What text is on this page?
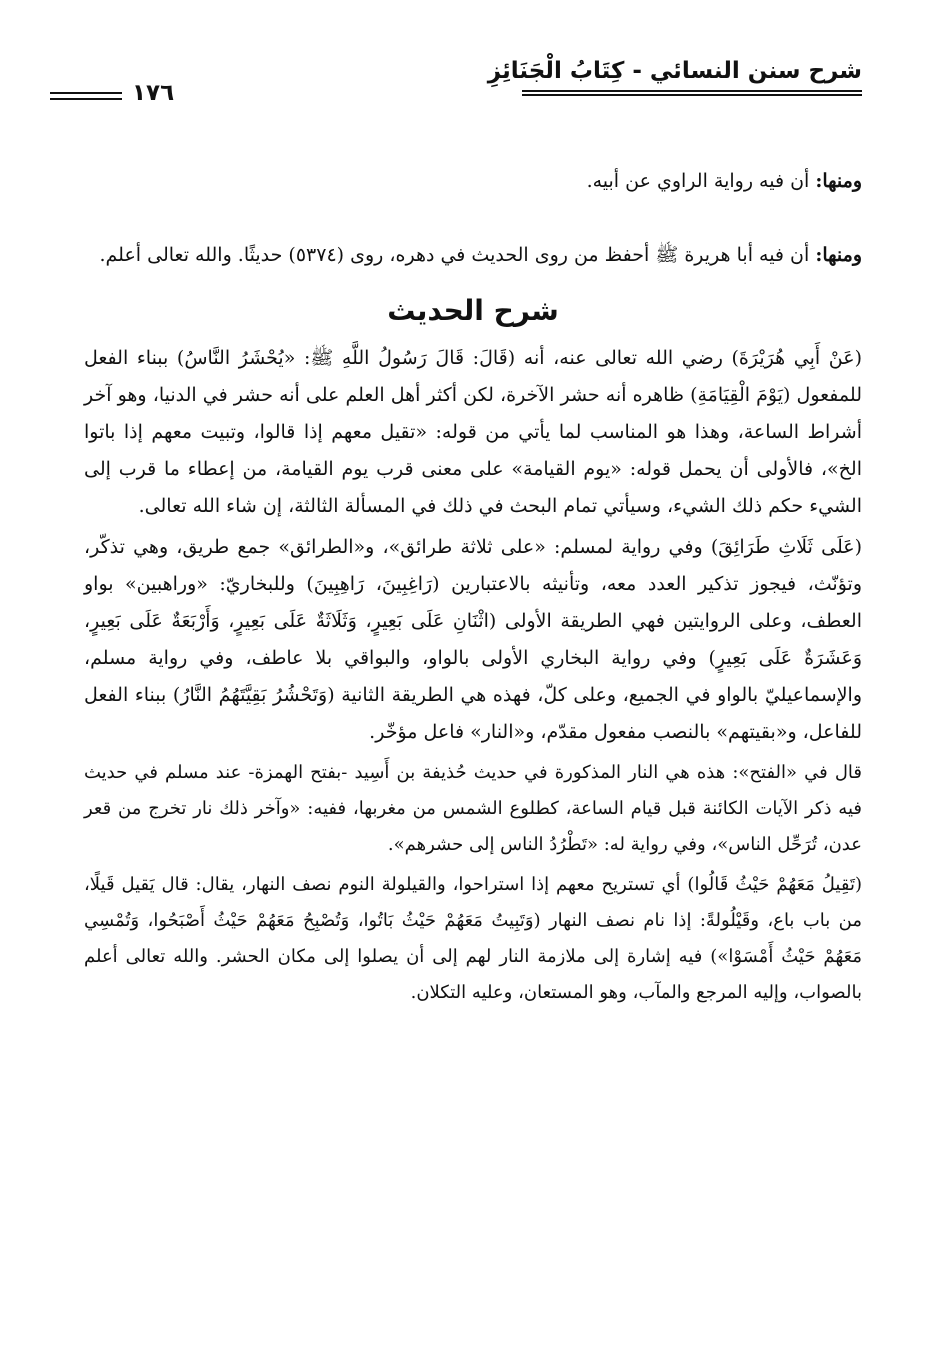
شرح سنن النسائي - كِتَابُ الْجَنَائِزِ
١٧٦

ومنها: أن فيه رواية الراوي عن أبيه.

ومنها: أن فيه أبا هريرة ﷺ أحفظ من روى الحديث في دهره، روى (٥٣٧٤) حديثًا. والله تعالى أعلم.

شرح الحديث

(عَنْ أَبِي هُرَيْرَةَ) رضي الله تعالى عنه، أنه (قَالَ: قَالَ رَسُولُ اللَّهِ ﷺ: «يُحْشَرُ النَّاسُ) ببناء الفعل للمفعول (يَوْمَ الْقِيَامَةِ) ظاهره أنه حشر الآخرة، لكن أكثر أهل العلم على أنه حشر في الدنيا، وهو آخر أشراط الساعة، وهذا هو المناسب لما يأتي من قوله: «تقيل معهم إذا قالوا، وتبيت معهم إذا باتوا الخ»، فالأولى أن يحمل قوله: «يوم القيامة» على معنى قرب يوم القيامة، من إعطاء ما قرب إلى الشيء حكم ذلك الشيء، وسيأتي تمام البحث في ذلك في المسألة الثالثة، إن شاء الله تعالى.

(عَلَى ثَلَاثِ طَرَائِقَ) وفي رواية لمسلم: «على ثلاثة طرائق»، و«الطرائق» جمع طريق، وهي تذكّر، وتؤنّث، فيجوز تذكير العدد معه، وتأنيثه بالاعتبارين (رَاغِبِينَ، رَاهِبِينَ) وللبخاريّ: «وراهبين» بواو العطف، وعلى الروايتين فهي الطريقة الأولى (اثْنَانِ عَلَى بَعِيرٍ، وَثَلَاثَةٌ عَلَى بَعِيرٍ، وَأَرْبَعَةٌ عَلَى بَعِيرٍ، وَعَشَرَةٌ عَلَى بَعِيرٍ) وفي رواية البخاري الأولى بالواو، والبواقي بلا عاطف، وفي رواية مسلم، والإسماعيليّ بالواو في الجميع، وعلى كلّ، فهذه هي الطريقة الثانية (وَتَحْشُرُ بَقِيَّتَهُمُ النَّارُ) ببناء الفعل للفاعل، و«بقيتهم» بالنصب مفعول مقدّم، و«النار» فاعل مؤخّر.

قال في «الفتح»: هذه هي النار المذكورة في حديث حُذيفة بن أَسِيد -بفتح الهمزة- عند مسلم في حديث فيه ذكر الآيات الكائنة قبل قيام الساعة، كطلوع الشمس من مغربها، ففيه: «وآخر ذلك نار تخرج من قعر عدن، تُرَحِّل الناس»، وفي رواية له: «تَطْرُدُ الناس إلى حشرهم».

(تَقِيلُ مَعَهُمْ حَيْثُ قَالُوا) أي تستريح معهم إذا استراحوا، والقيلولة النوم نصف النهار، يقال: قال يَقيل قَيلًا، من باب باع، وقَيْلُولةً: إذا نام نصف النهار (وَتَبِيتُ مَعَهُمْ حَيْثُ بَاتُوا، وَتُصْبِحُ مَعَهُمْ حَيْثُ أَصْبَحُوا، وَتُمْسِي مَعَهُمْ حَيْثُ أَمْسَوْا») فيه إشارة إلى ملازمة النار لهم إلى أن يصلوا إلى مكان الحشر. والله تعالى أعلم بالصواب، وإليه المرجع والمآب، وهو المستعان، وعليه التكلان.
